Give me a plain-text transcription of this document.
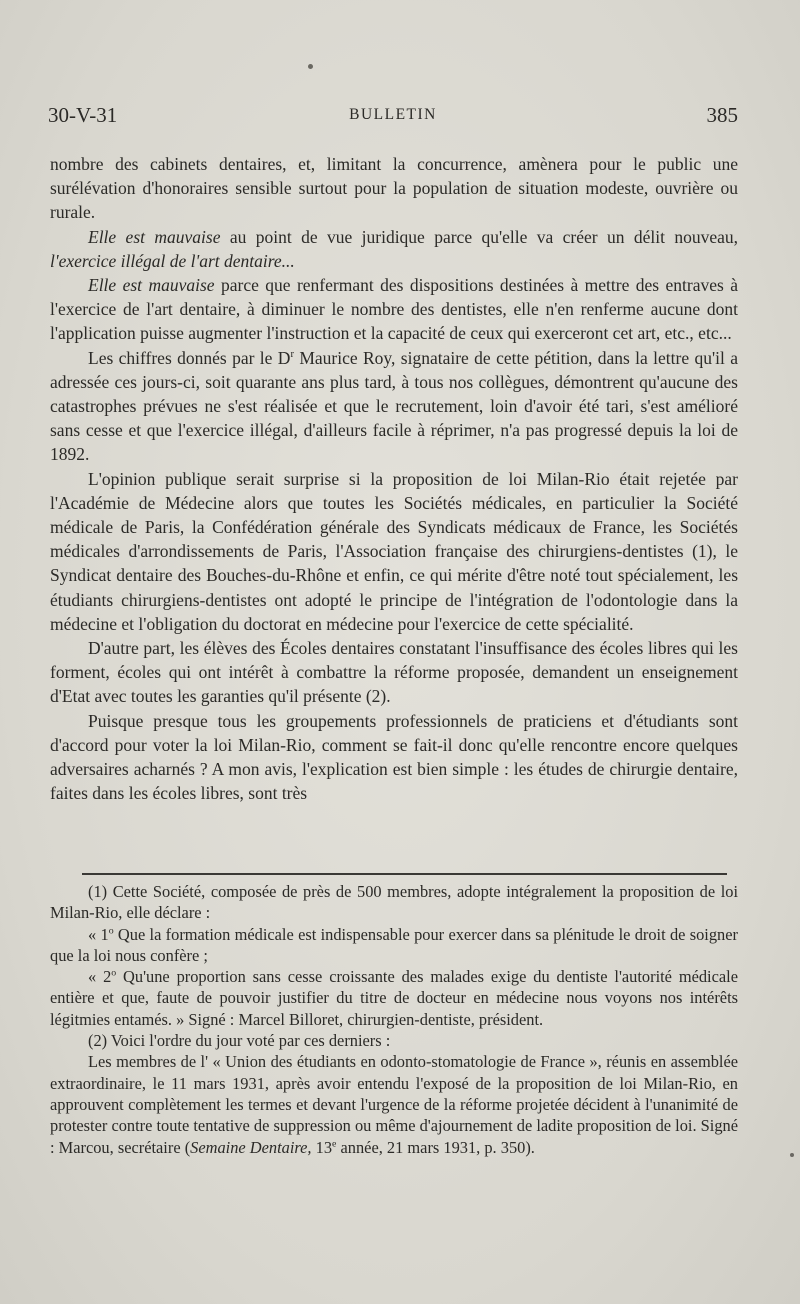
30-V-31	BULLETIN	385

nombre des cabinets dentaires, et, limitant la concurrence, amènera pour le public une surélévation d'honoraires sensible surtout pour la population de situation modeste, ouvrière ou rurale.

Elle est mauvaise au point de vue juridique parce qu'elle va créer un délit nouveau, l'exercice illégal de l'art dentaire...

Elle est mauvaise parce que renfermant des dispositions destinées à mettre des entraves à l'exercice de l'art dentaire, à diminuer le nombre des dentistes, elle n'en renferme aucune dont l'application puisse augmenter l'instruction et la capacité de ceux qui exerceront cet art, etc., etc...

Les chiffres donnés par le $D^r$ Maurice Roy, signataire de cette pétition, dans la lettre qu'il a adressée ces jours-ci, soit quarante ans plus tard, à tous nos collègues, démontrent qu'aucune des catastrophes prévues ne s'est réalisée et que le recrutement, loin d'avoir été tari, s'est amélioré sans cesse et que l'exercice illégal, d'ailleurs facile à réprimer, n'a pas progressé depuis la loi de 1892.

L'opinion publique serait surprise si la proposition de loi Milan-Rio était rejetée par l'Académie de Médecine alors que toutes les Sociétés médicales, en particulier la Société médicale de Paris, la Confédération générale des Syndicats médicaux de France, les Sociétés médicales d'arrondissements de Paris, l'Association française des chirurgiens-dentistes (1), le Syndicat dentaire des Bouches-du-Rhône et enfin, ce qui mérite d'être noté tout spécialement, les étudiants chirurgiens-dentistes ont adopté le principe de l'intégration de l'odontologie dans la médecine et l'obligation du doctorat en médecine pour l'exercice de cette spécialité.

D'autre part, les élèves des Écoles dentaires constatant l'insuffisance des écoles libres qui les forment, écoles qui ont intérêt à combattre la réforme proposée, demandent un enseignement d'Etat avec toutes les garanties qu'il présente (2).

Puisque presque tous les groupements professionnels de praticiens et d'étudiants sont d'accord pour voter la loi Milan-Rio, comment se fait-il donc qu'elle rencontre encore quelques adversaires acharnés ? A mon avis, l'explication est bien simple : les études de chirurgie dentaire, faites dans les écoles libres, sont très

(1) Cette Société, composée de près de 500 membres, adopte intégralement la proposition de loi Milan-Rio, elle déclare :

« 1$^o$ Que la formation médicale est indispensable pour exercer dans sa plénitude le droit de soigner que la loi nous confère ;

« 2$^o$ Qu'une proportion sans cesse croissante des malades exige du dentiste l'autorité médicale entière et que, faute de pouvoir justifier du titre de docteur en médecine nous voyons nos intérêts légitmies entamés. » Signé : Marcel Billoret, chirurgien-dentiste, président.

(2) Voici l'ordre du jour voté par ces derniers :

Les membres de l' « Union des étudiants en odonto-stomatologie de France », réunis en assemblée extraordinaire, le 11 mars 1931, après avoir entendu l'exposé de la proposition de loi Milan-Rio, en approuvent complètement les termes et devant l'urgence de la réforme projetée décident à l'unanimité de protester contre toute tentative de suppression ou même d'ajournement de ladite proposition de loi. Signé : Marcou, secrétaire (Semaine Dentaire, 13e année, 21 mars 1931, p. 350).
